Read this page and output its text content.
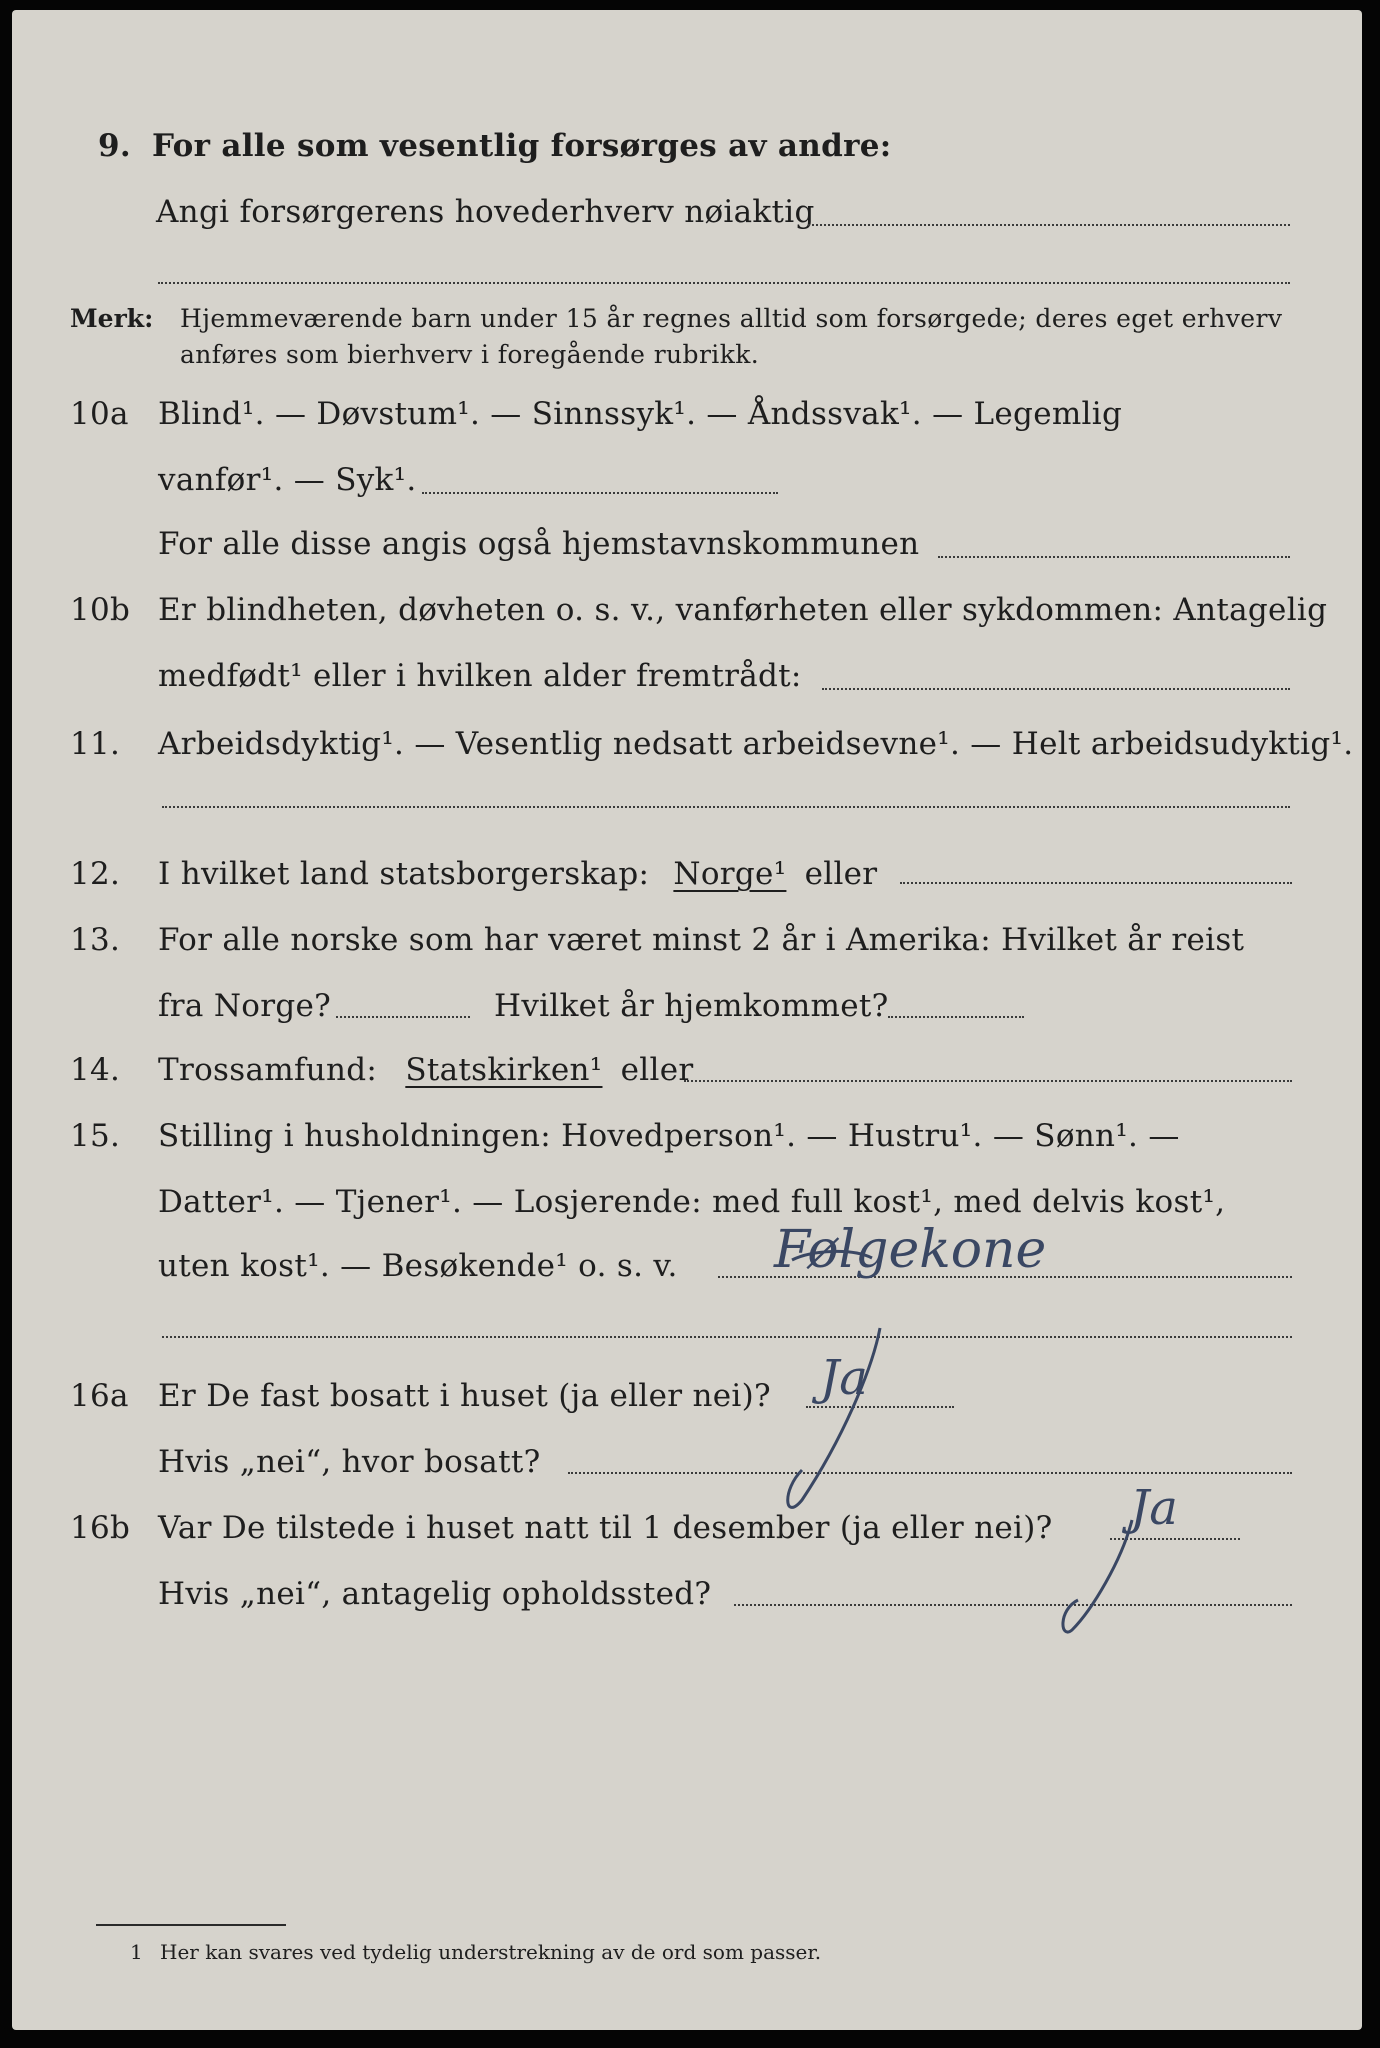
9. For alle som vesentlig forsørges av andre:
Angi forsørgerens hovederhverv nøiaktig
Merk: Hjemmeværende barn under 15 år regnes alltid som forsørgede; deres eget erhverv
anføres som bierhverv i foregående rubrikk.
10a Blind¹. — Døvstum¹. — Sinnssyk¹. — Åndssvak¹. — Legemlig
vanfør¹. — Syk¹.
For alle disse angis også hjemstavnskommunen
10b Er blindheten, døvheten o. s. v., vanførheten eller sykdommen: Antagelig
medfødt¹ eller i hvilken alder fremtrådt:
11. Arbeidsdyktig¹. — Vesentlig nedsatt arbeidsevne¹. — Helt arbeidsudyktig¹.
12. I hvilket land statsborgerskap: Norge¹ eller
13. For alle norske som har været minst 2 år i Amerika: Hvilket år reist
fra Norge?	Hvilket år hjemkommet?
14. Trossamfund: Statskirken¹ eller
15. Stilling i husholdningen: Hovedperson¹. — Hustru¹. — Sønn¹. —
Datter¹. — Tjener¹. — Losjerende: med full kost¹, med delvis kost¹,
uten kost¹. — Besøkende¹ o. s. v. Følgekone
16a Er De fast bosatt i huset (ja eller nei)? Ja
Hvis „nei“, hvor bosatt?
16b Var De tilstede i huset natt til 1 desember (ja eller nei)? Ja
Hvis „nei“, antagelig opholdssted?
1 Her kan svares ved tydelig understrekning av de ord som passer.
